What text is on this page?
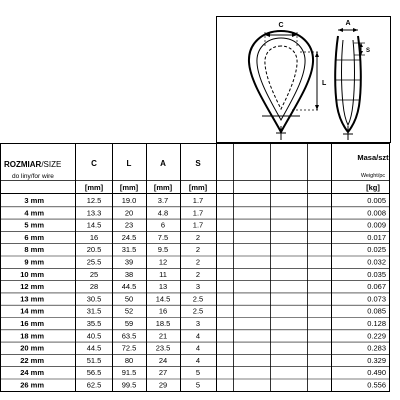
C
L
A
S
ROZMIAR/SIZE
do liny/for wire
C	L	A	S
[mm] [mm] [mm] [mm]
Masa/szt
Weight/pc
[kg]
3 mm	12.5	19.0	3.7	1.7	0.005
4 mm	13.3	20	4.8	1.7	0.008
5 mm	14.5	23	6	1.7	0.009
6 mm	16	24.5	7.5	2	0.017
8 mm	20.5	31.5	9.5	2	0.025
9 mm	25.5	39	12	2	0.032
10 mm	25	38	11	2	0.035
12 mm	28	44.5	13	3	0.067
13 mm	30.5	50	14.5	2.5	0.073
14 mm	31.5	52	16	2.5	0.085
16 mm	35.5	59	18.5	3	0.128
18 mm	40.5	63.5	21	4	0.229
20 mm	44.5	72.5	23.5	4	0.283
22 mm	51.5	80	24	4	0.329
24 mm	56.5	91.5	27	5	0.490
26 mm	62.5	99.5	29	5	0.556
